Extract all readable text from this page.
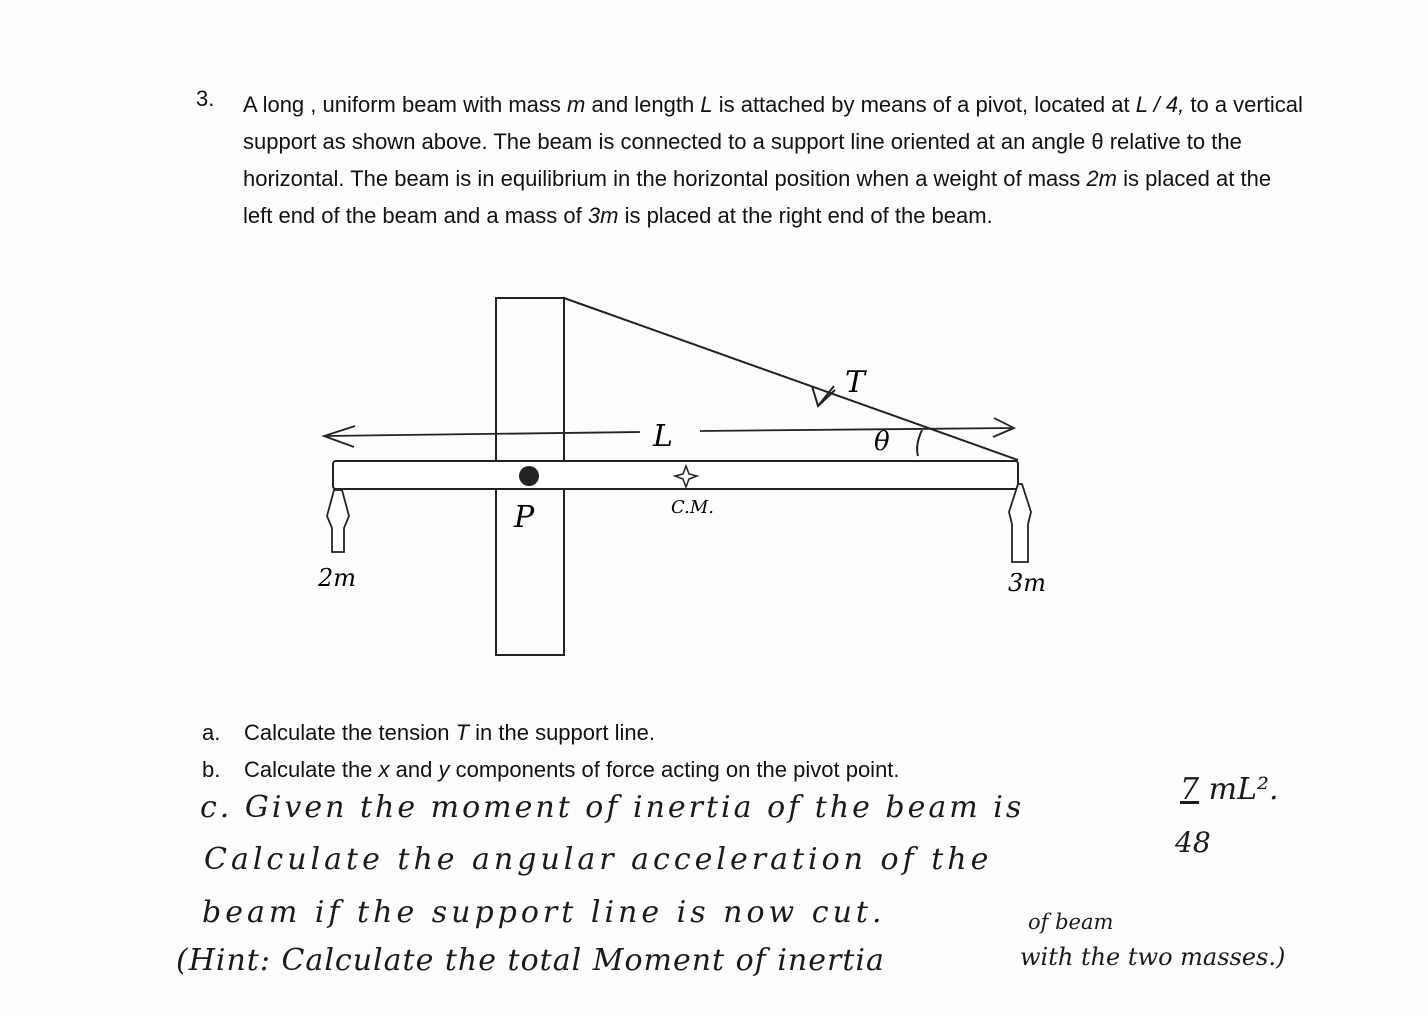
3. A long , uniform beam with mass m and length L is attached by means of a pivot, located at L / 4, to a vertical support as shown above. The beam is connected to a support line oriented at an angle θ relative to the horizontal. The beam is in equilibrium in the horizontal position when a weight of mass 2m is placed at the left end of the beam and a mass of 3m is placed at the right end of the beam.
T
L	θ
P	C.M.
2m	3m
a. Calculate the tension T in the support line.
b. Calculate the x and y components of force acting on the pivot point.
c. Given the moment of inertia of the beam is
7 mL².
48
Calculate the angular acceleration of the
beam if the support line is now cut.	of beam
(Hint: Calculate the total Moment of inertia	with the two masses.)
